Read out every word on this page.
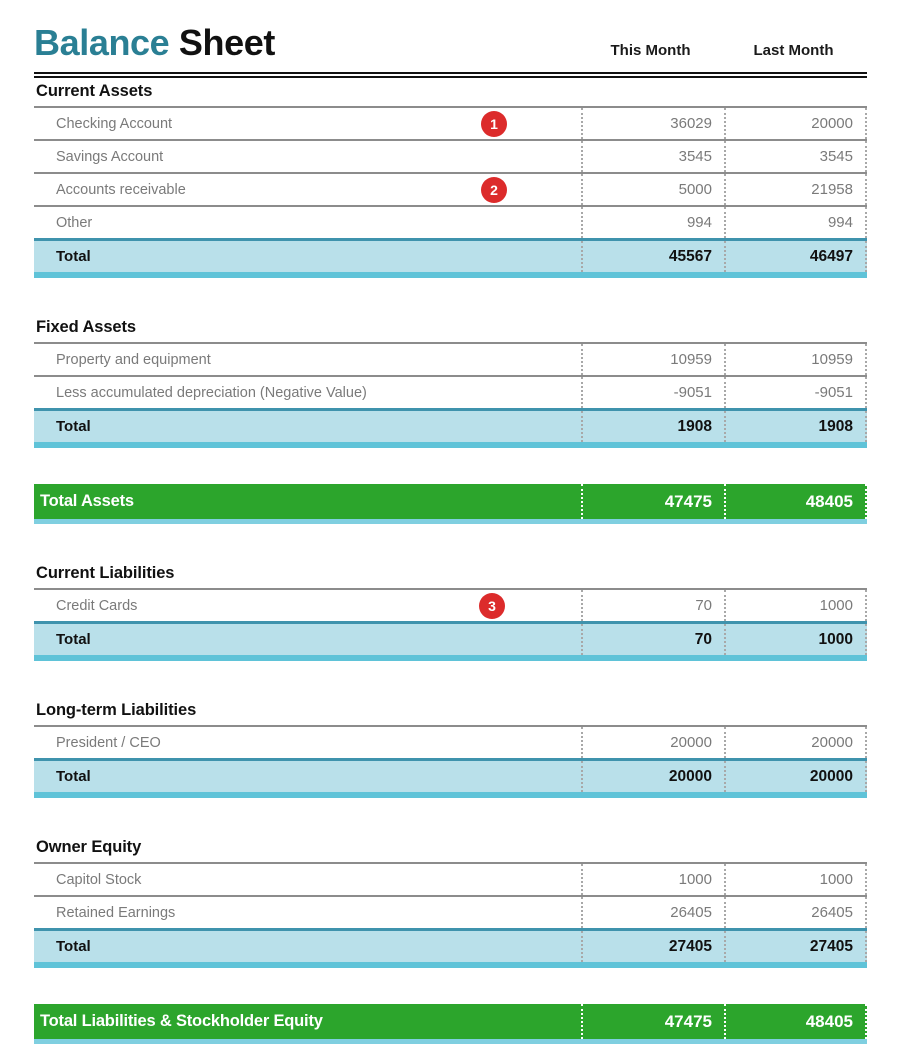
Balance Sheet	This Month	Last Month
Current Assets
Checking Account	36029	20000
1
Savings Account	3545	3545
Accounts receivable	5000	21958
2
Other	994	994
Total	45567	46497
Fixed Assets
Property and equipment	10959	10959
Less accumulated depreciation (Negative Value)	-9051	-9051
Total	1908	1908
Total Assets	47475	48405
Current Liabilities
Credit Cards	70	1000
3
Total	70	1000
Long-term Liabilities
President / CEO	20000	20000
Total	20000	20000
Owner Equity
Capitol Stock	1000	1000
Retained Earnings	26405	26405
Total	27405	27405
Total Liabilities & Stockholder Equity	47475	48405
